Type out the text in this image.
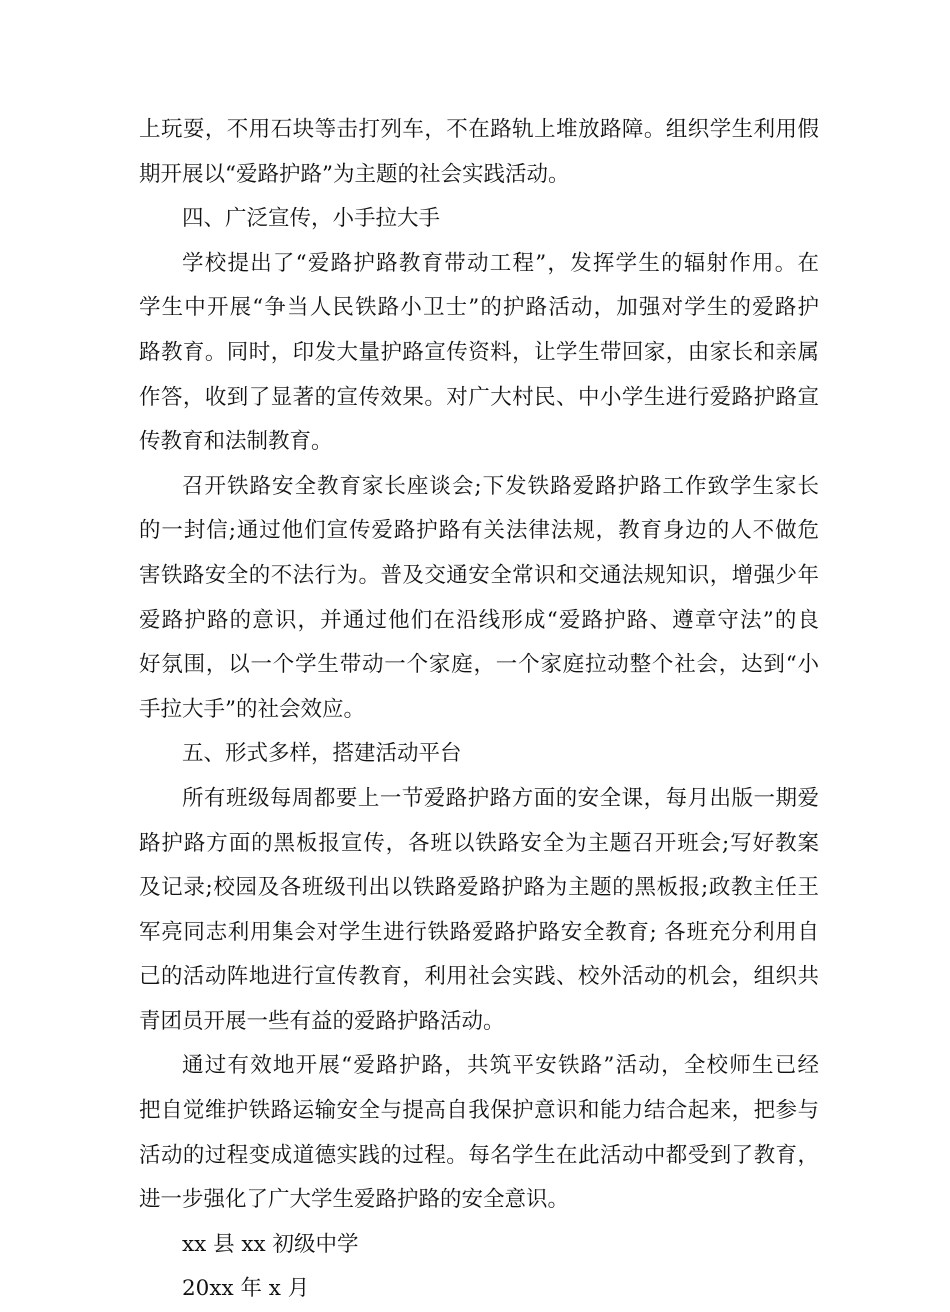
上玩耍，不用石块等击打列车，不在路轨上堆放路障。组织学生利用假
期开展以“爱路护路”为主题的社会实践活动。
四、广泛宣传，小手拉大手
学校提出了“爱路护路教育带动工程”，发挥学生的辐射作用。在
学生中开展“争当人民铁路小卫士”的护路活动，加强对学生的爱路护
路教育。同时，印发大量护路宣传资料，让学生带回家，由家长和亲属
作答，收到了显著的宣传效果。对广大村民、中小学生进行爱路护路宣
传教育和法制教育。
召开铁路安全教育家长座谈会;下发铁路爱路护路工作致学生家长
的一封信;通过他们宣传爱路护路有关法律法规，教育身边的人不做危
害铁路安全的不法行为。普及交通安全常识和交通法规知识，增强少年
爱路护路的意识，并通过他们在沿线形成“爱路护路、遵章守法”的良
好氛围，以一个学生带动一个家庭，一个家庭拉动整个社会，达到“小
手拉大手”的社会效应。
五、形式多样，搭建活动平台
所有班级每周都要上一节爱路护路方面的安全课，每月出版一期爱
路护路方面的黑板报宣传，各班以铁路安全为主题召开班会;写好教案
及记录;校园及各班级刊出以铁路爱路护路为主题的黑板报;政教主任王
军亮同志利用集会对学生进行铁路爱路护路安全教育; 各班充分利用自
己的活动阵地进行宣传教育，利用社会实践、校外活动的机会，组织共
青团员开展一些有益的爱路护路活动。
通过有效地开展“爱路护路，共筑平安铁路”活动，全校师生已经
把自觉维护铁路运输安全与提高自我保护意识和能力结合起来，把参与
活动的过程变成道德实践的过程。每名学生在此活动中都受到了教育，
进一步强化了广大学生爱路护路的安全意识。
xx 县 xx 初级中学
20xx 年 x 月
